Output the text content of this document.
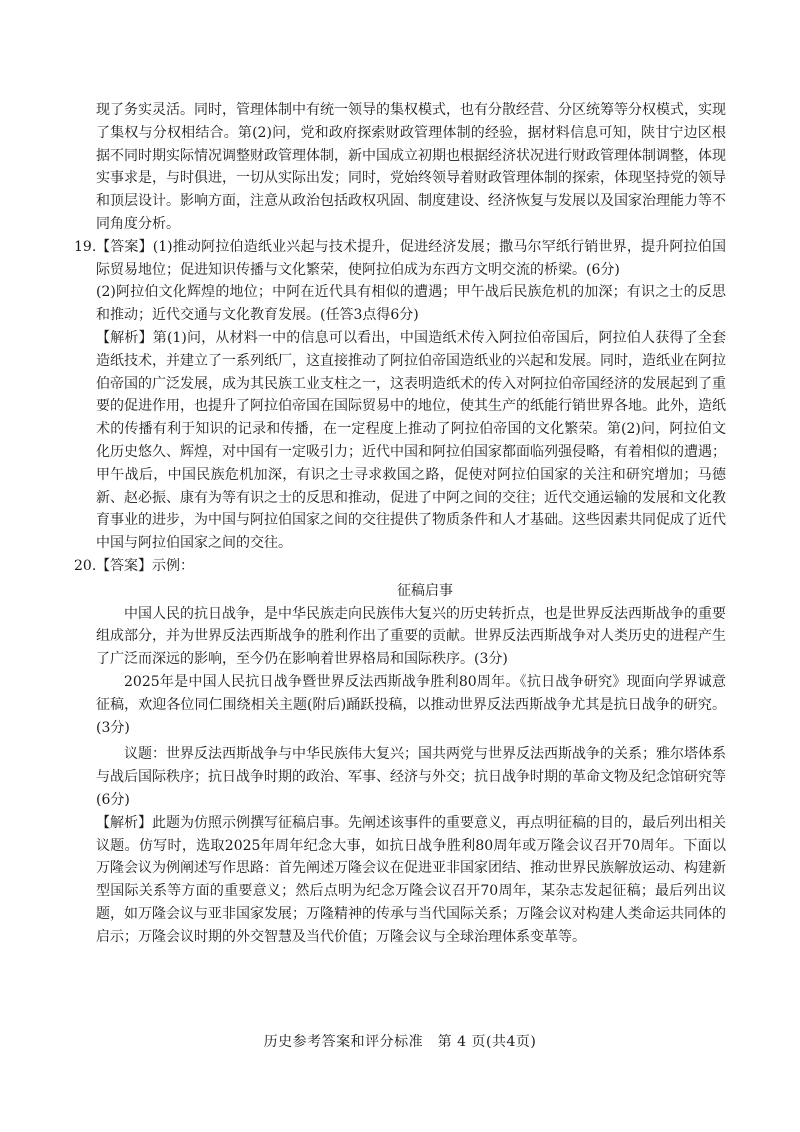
现了务实灵活。同时，管理体制中有统一领导的集权模式，也有分散经营、分区统筹等分权模式，实现了集权与分权相结合。第(2)问，党和政府探索财政管理体制的经验，据材料信息可知，陕甘宁边区根据不同时期实际情况调整财政管理体制，新中国成立初期也根据经济状况进行财政管理体制调整，体现实事求是，与时俱进，一切从实际出发；同时，党始终领导着财政管理体制的探索，体现坚持党的领导和顶层设计。影响方面，注意从政治包括政权巩固、制度建设、经济恢复与发展以及国家治理能力等不同角度分析。

19. 【答案】(1)推动阿拉伯造纸业兴起与技术提升，促进经济发展；撒马尔罕纸行销世界，提升阿拉伯国际贸易地位；促进知识传播与文化繁荣，使阿拉伯成为东西方文明交流的桥梁。(6分)

(2)阿拉伯文化辉煌的地位；中阿在近代具有相似的遭遇；甲午战后民族危机的加深；有识之士的反思和推动；近代交通与文化教育发展。(任答3点得6分)

【解析】第(1)问，从材料一中的信息可以看出，中国造纸术传入阿拉伯帝国后，阿拉伯人获得了全套造纸技术，并建立了一系列纸厂，这直接推动了阿拉伯帝国造纸业的兴起和发展。同时，造纸业在阿拉伯帝国的广泛发展，成为其民族工业支柱之一，这表明造纸术的传入对阿拉伯帝国经济的发展起到了重要的促进作用，也提升了阿拉伯帝国在国际贸易中的地位，使其生产的纸能行销世界各地。此外，造纸术的传播有利于知识的记录和传播，在一定程度上推动了阿拉伯帝国的文化繁荣。第(2)问，阿拉伯文化历史悠久、辉煌，对中国有一定吸引力；近代中国和阿拉伯国家都面临列强侵略，有着相似的遭遇；甲午战后，中国民族危机加深，有识之士寻求救国之路，促使对阿拉伯国家的关注和研究增加；马德新、赵必振、康有为等有识之士的反思和推动，促进了中阿之间的交往；近代交通运输的发展和文化教育事业的进步，为中国与阿拉伯国家之间的交往提供了物质条件和人才基础。这些因素共同促成了近代中国与阿拉伯国家之间的交往。

20. 【答案】示例：

征稿启事

中国人民的抗日战争，是中华民族走向民族伟大复兴的历史转折点，也是世界反法西斯战争的重要组成部分，并为世界反法西斯战争的胜利作出了重要的贡献。世界反法西斯战争对人类历史的进程产生了广泛而深远的影响，至今仍在影响着世界格局和国际秩序。(3分)

2025年是中国人民抗日战争暨世界反法西斯战争胜利80周年。《抗日战争研究》现面向学界诚意征稿，欢迎各位同仁围绕相关主题(附后)踊跃投稿，以推动世界反法西斯战争尤其是抗日战争的研究。(3分)

议题：世界反法西斯战争与中华民族伟大复兴；国共两党与世界反法西斯战争的关系；雅尔塔体系与战后国际秩序；抗日战争时期的政治、军事、经济与外交；抗日战争时期的革命文物及纪念馆研究等(6分)

【解析】此题为仿照示例撰写征稿启事。先阐述该事件的重要意义，再点明征稿的目的，最后列出相关议题。仿写时，选取2025年周年纪念大事，如抗日战争胜利80周年或万隆会议召开70周年。下面以万隆会议为例阐述写作思路：首先阐述万隆会议在促进亚非国家团结、推动世界民族解放运动、构建新型国际关系等方面的重要意义；然后点明为纪念万隆会议召开70周年，某杂志发起征稿；最后列出议题，如万隆会议与亚非国家发展；万隆精神的传承与当代国际关系；万隆会议对构建人类命运共同体的启示；万隆会议时期的外交智慧及当代价值；万隆会议与全球治理体系变革等。

历史参考答案和评分标准　第 4 页(共4页)
